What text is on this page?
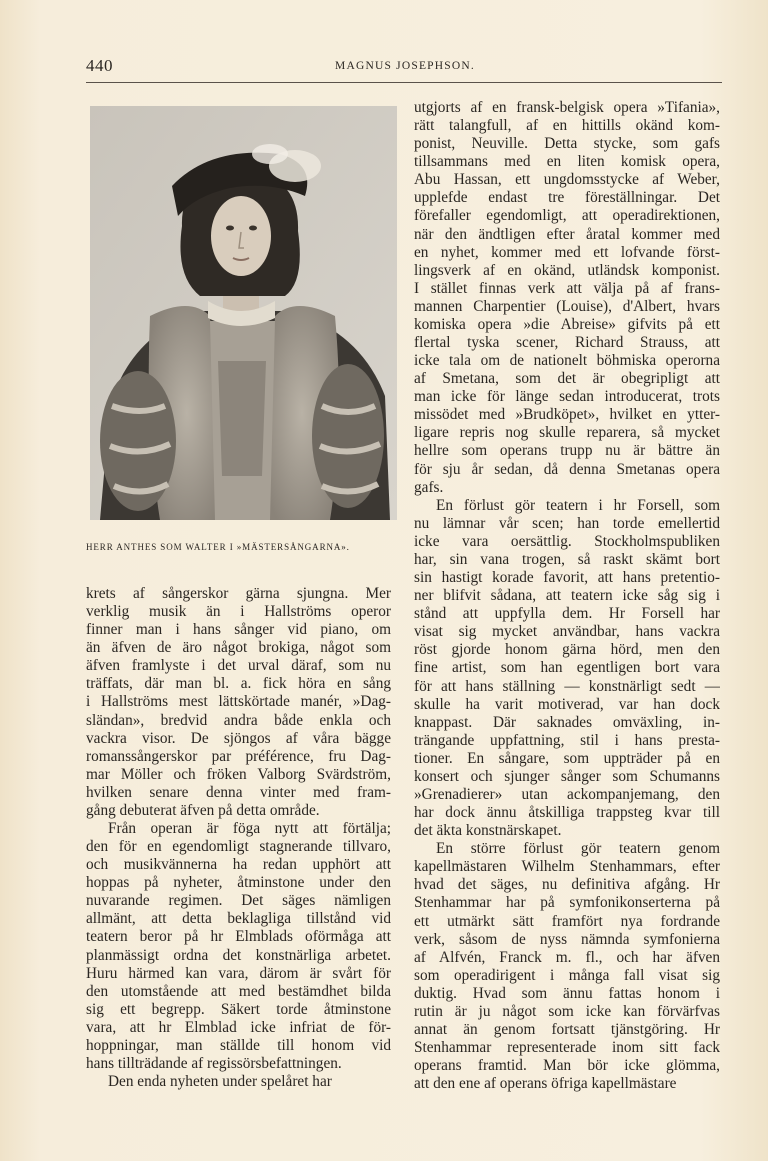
440	MAGNUS JOSEPHSON.
HERR ANTHES SOM WALTER I »MÄSTERSÅNGARNA».
krets af sångerskor gärna sjungna. Mer
verklig musik än i Hallströms operor
finner man i hans sånger vid piano, om
än äfven de äro något brokiga, något som
äfven framlyste i det urval däraf, som nu
träffats, där man bl. a. fick höra en sång
i Hallströms mest lättskörtade manér, »Dag-
sländan», bredvid andra både enkla och
vackra visor. De sjöngos af våra bägge
romanssångerskor par préférence, fru Dag-
mar Möller och fröken Valborg Svärdström,
hvilken senare denna vinter med fram-
gång debuterat äfven på detta område.
Från operan är föga nytt att förtälja;
den för en egendomligt stagnerande tillvaro,
och musikvännerna ha redan upphört att
hoppas på nyheter, åtminstone under den
nuvarande regimen. Det säges nämligen
allmänt, att detta beklagliga tillstånd vid
teatern beror på hr Elmblads oförmåga att
planmässigt ordna det konstnärliga arbetet.
Huru härmed kan vara, därom är svårt för
den utomstående att med bestämdhet bilda
sig ett begrepp. Säkert torde åtminstone
vara, att hr Elmblad icke infriat de för-
hoppningar, man ställde till honom vid
hans tillträdande af regissörsbefattningen.
Den enda nyheten under spelåret har
utgjorts af en fransk-belgisk opera »Tifania»,
rätt talangfull, af en hittills okänd kom-
ponist, Neuville. Detta stycke, som gafs
tillsammans med en liten komisk opera,
Abu Hassan, ett ungdomsstycke af Weber,
upplefde endast tre föreställningar. Det
förefaller egendomligt, att operadirektionen,
när den ändtligen efter åratal kommer med
en nyhet, kommer med ett lofvande först-
lingsverk af en okänd, utländsk komponist.
I stället finnas verk att välja på af frans-
mannen Charpentier (Louise), d'Albert, hvars
komiska opera »die Abreise» gifvits på ett
flertal tyska scener, Richard Strauss, att
icke tala om de nationelt böhmiska operorna
af Smetana, som det är obegripligt att
man icke för länge sedan introducerat, trots
missödet med »Brudköpet», hvilket en ytter-
ligare repris nog skulle reparera, så mycket
hellre som operans trupp nu är bättre än
för sju år sedan, då denna Smetanas opera
gafs.
En förlust gör teatern i hr Forsell, som
nu lämnar vår scen; han torde emellertid
icke vara oersättlig. Stockholmspubliken
har, sin vana trogen, så raskt skämt bort
sin hastigt korade favorit, att hans pretentio-
ner blifvit sådana, att teatern icke såg sig i
stånd att uppfylla dem. Hr Forsell har
visat sig mycket användbar, hans vackra
röst gjorde honom gärna hörd, men den
fine artist, som han egentligen bort vara
för att hans ställning — konstnärligt sedt —
skulle ha varit motiverad, var han dock
knappast. Där saknades omväxling, in-
trängande uppfattning, stil i hans presta-
tioner. En sångare, som uppträder på en
konsert och sjunger sånger som Schumanns
»Grenadierer» utan ackompanjemang, den
har dock ännu åtskilliga trappsteg kvar till
det äkta konstnärskapet.
En större förlust gör teatern genom
kapellmästaren Wilhelm Stenhammars, efter
hvad det säges, nu definitiva afgång. Hr
Stenhammar har på symfonikonserterna på
ett utmärkt sätt framfört nya fordrande
verk, såsom de nyss nämnda symfonierna
af Alfvén, Franck m. fl., och har äfven
som operadirigent i många fall visat sig
duktig. Hvad som ännu fattas honom i
rutin är ju något som icke kan förvärfvas
annat än genom fortsatt tjänstgöring. Hr
Stenhammar representerade inom sitt fack
operans framtid. Man bör icke glömma,
att den ene af operans öfriga kapellmästare
